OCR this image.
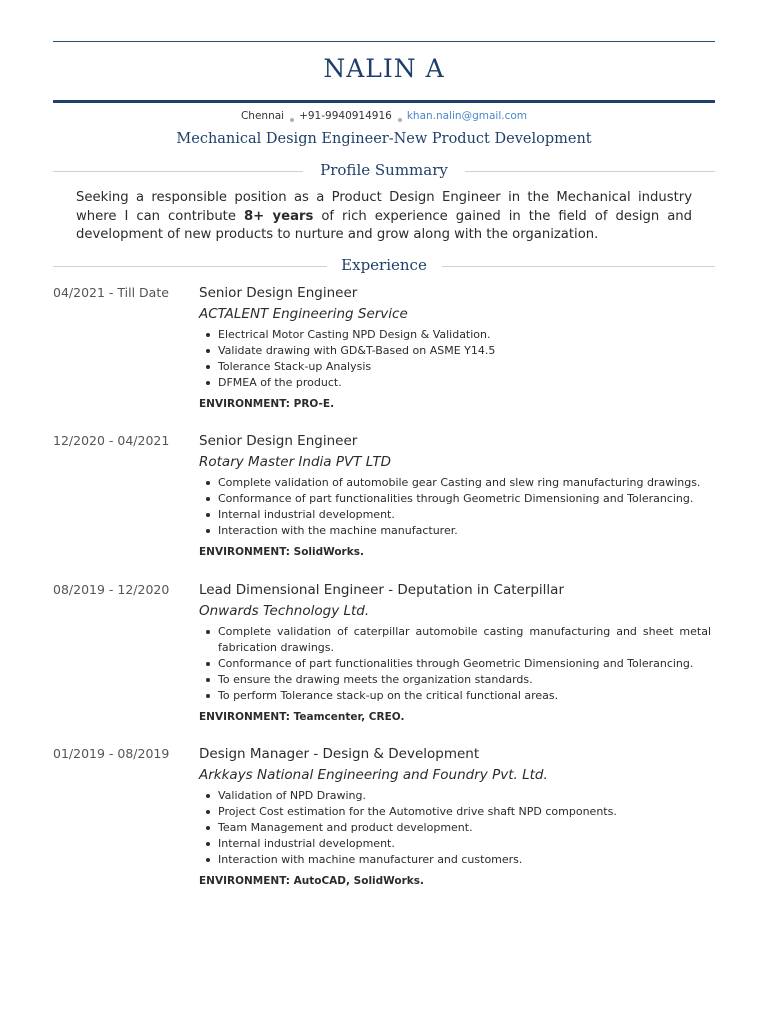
NALIN A
Chennai +91-9940914916 khan.nalin@gmail.com
Mechanical Design Engineer-New Product Development
Profile Summary
Seeking a responsible position as a Product Design Engineer in the Mechanical industry where I can contribute 8+ years of rich experience gained in the field of design and development of new products to nurture and grow along with the organization.
Experience
04/2021 - Till Date Senior Design Engineer
ACTALENT Engineering Service
Electrical Motor Casting NPD Design & Validation.
Validate drawing with GD&T-Based on ASME Y14.5
Tolerance Stack-up Analysis
DFMEA of the product.
ENVIRONMENT: PRO-E.
12/2020 - 04/2021 Senior Design Engineer
Rotary Master India PVT LTD
Complete validation of automobile gear Casting and slew ring manufacturing drawings.
Conformance of part functionalities through Geometric Dimensioning and Tolerancing.
Internal industrial development.
Interaction with the machine manufacturer.
ENVIRONMENT: SolidWorks.
08/2019 - 12/2020 Lead Dimensional Engineer - Deputation in Caterpillar
Onwards Technology Ltd.
Complete validation of caterpillar automobile casting manufacturing and sheet metal fabrication drawings.
Conformance of part functionalities through Geometric Dimensioning and Tolerancing.
To ensure the drawing meets the organization standards.
To perform Tolerance stack-up on the critical functional areas.
ENVIRONMENT: Teamcenter, CREO.
01/2019 - 08/2019 Design Manager - Design & Development
Arkkays National Engineering and Foundry Pvt. Ltd.
Validation of NPD Drawing.
Project Cost estimation for the Automotive drive shaft NPD components.
Team Management and product development.
Internal industrial development.
Interaction with machine manufacturer and customers.
ENVIRONMENT: AutoCAD, SolidWorks.
